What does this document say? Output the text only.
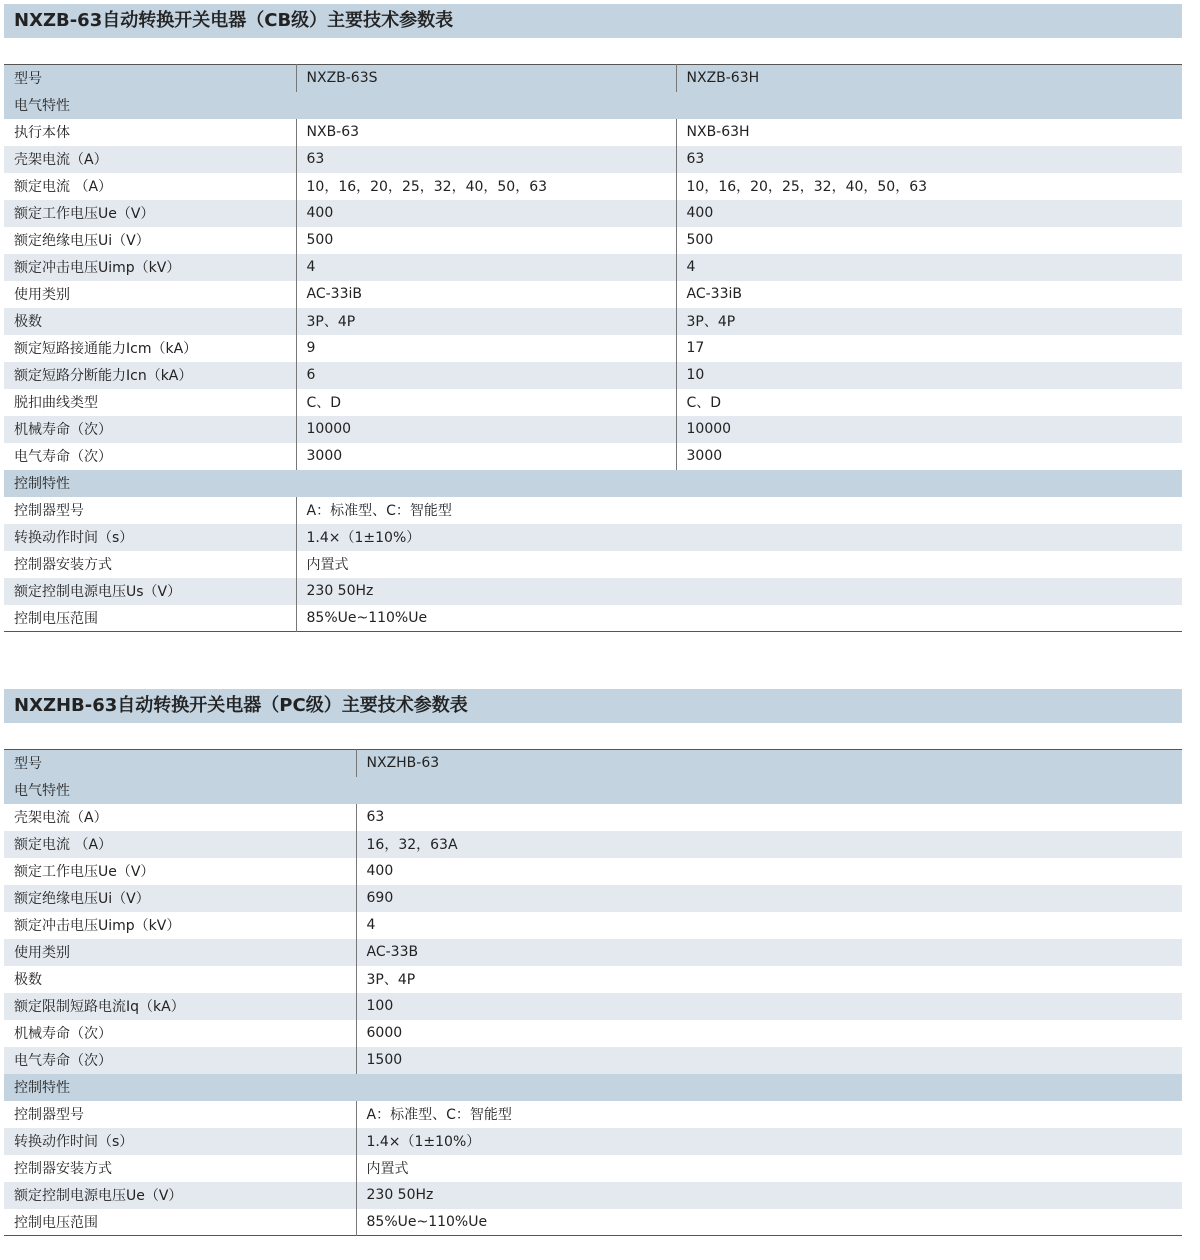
NXZB-63自动转换开关电器（CB级）主要技术参数表
型号	NXZB-63S	NXZB-63H
电气特性		
执行本体	NXB-63	NXB-63H
壳架电流（A）	63	63
额定电流 （A）	10，16，20，25，32，40，50，63	10，16，20，25，32，40，50，63
额定工作电压Ue（V）	400	400
额定绝缘电压Ui（V）	500	500
额定冲击电压Uimp（kV）	4	4
使用类别	AC-33iB	AC-33iB
极数	3P、4P	3P、4P
额定短路接通能力Icm（kA）	9	17
额定短路分断能力Icn（kA）	6	10
脱扣曲线类型	C、D	C、D
机械寿命（次）	10000	10000
电气寿命（次）	3000	3000
控制特性		
控制器型号	A：标准型、C：智能型	
转换动作时间（s）	1.4×（1±10%）	
控制器安装方式	内置式	
额定控制电源电压Us（V）	230 50Hz	
控制电压范围	85%Ue~110%Ue	
NXZHB-63自动转换开关电器（PC级）主要技术参数表
型号	NXZHB-63
电气特性	
壳架电流（A）	63
额定电流 （A）	16，32，63A
额定工作电压Ue（V）	400
额定绝缘电压Ui（V）	690
额定冲击电压Uimp（kV）	4
使用类别	AC-33B
极数	3P、4P
额定限制短路电流Iq（kA）	100
机械寿命（次）	6000
电气寿命（次）	1500
控制特性	
控制器型号	A：标准型、C：智能型
转换动作时间（s）	1.4×（1±10%）
控制器安装方式	内置式
额定控制电源电压Ue（V）	230 50Hz
控制电压范围	85%Ue~110%Ue
